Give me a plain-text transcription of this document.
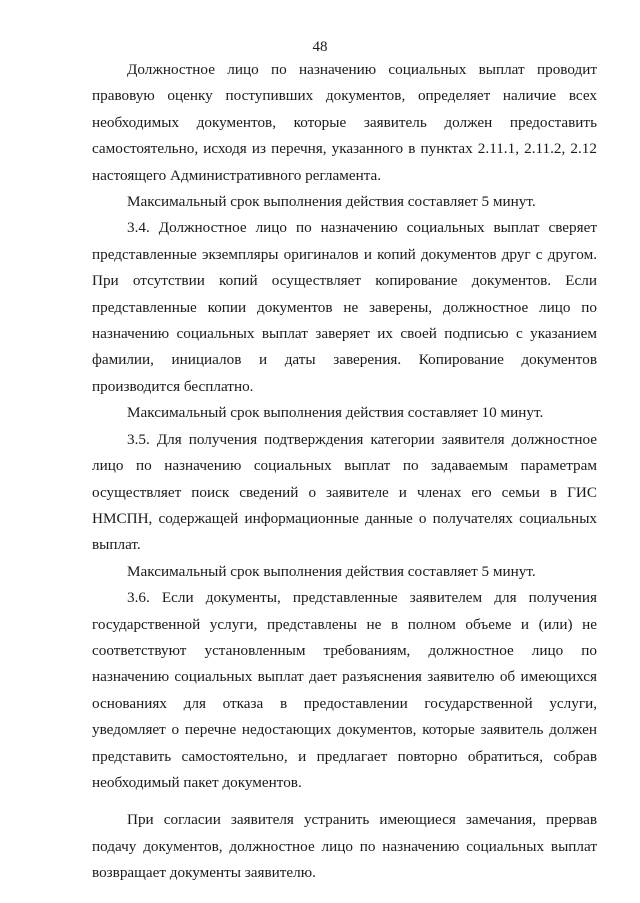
48

Должностное лицо по назначению социальных выплат проводит правовую оценку поступивших документов, определяет наличие всех необходимых документов, которые заявитель должен предоставить самостоятельно, исходя из перечня, указанного в пунктах 2.11.1, 2.11.2, 2.12 настоящего Административного регламента.

Максимальный срок выполнения действия составляет 5 минут.

3.4. Должностное лицо по назначению социальных выплат сверяет представленные экземпляры оригиналов и копий документов друг с другом. При отсутствии копий осуществляет копирование документов. Если представленные копии документов не заверены, должностное лицо по назначению социальных выплат заверяет их своей подписью с указанием фамилии, инициалов и даты заверения. Копирование документов производится бесплатно.

Максимальный срок выполнения действия составляет 10 минут.

3.5. Для получения подтверждения категории заявителя должностное лицо по назначению социальных выплат по задаваемым параметрам осуществляет поиск сведений о заявителе и членах его семьи в ГИС НМСПН, содержащей информационные данные о получателях социальных выплат.

Максимальный срок выполнения действия составляет 5 минут.

3.6. Если документы, представленные заявителем для получения государственной услуги, представлены не в полном объеме и (или) не соответствуют установленным требованиям, должностное лицо по назначению социальных выплат дает разъяснения заявителю об имеющихся основаниях для отказа в предоставлении государственной услуги, уведомляет о перечне недостающих документов, которые заявитель должен представить самостоятельно, и предлагает повторно обратиться, собрав необходимый пакет документов.

При согласии заявителя устранить имеющиеся замечания, прервав подачу документов, должностное лицо по назначению социальных выплат возвращает документы заявителю.
